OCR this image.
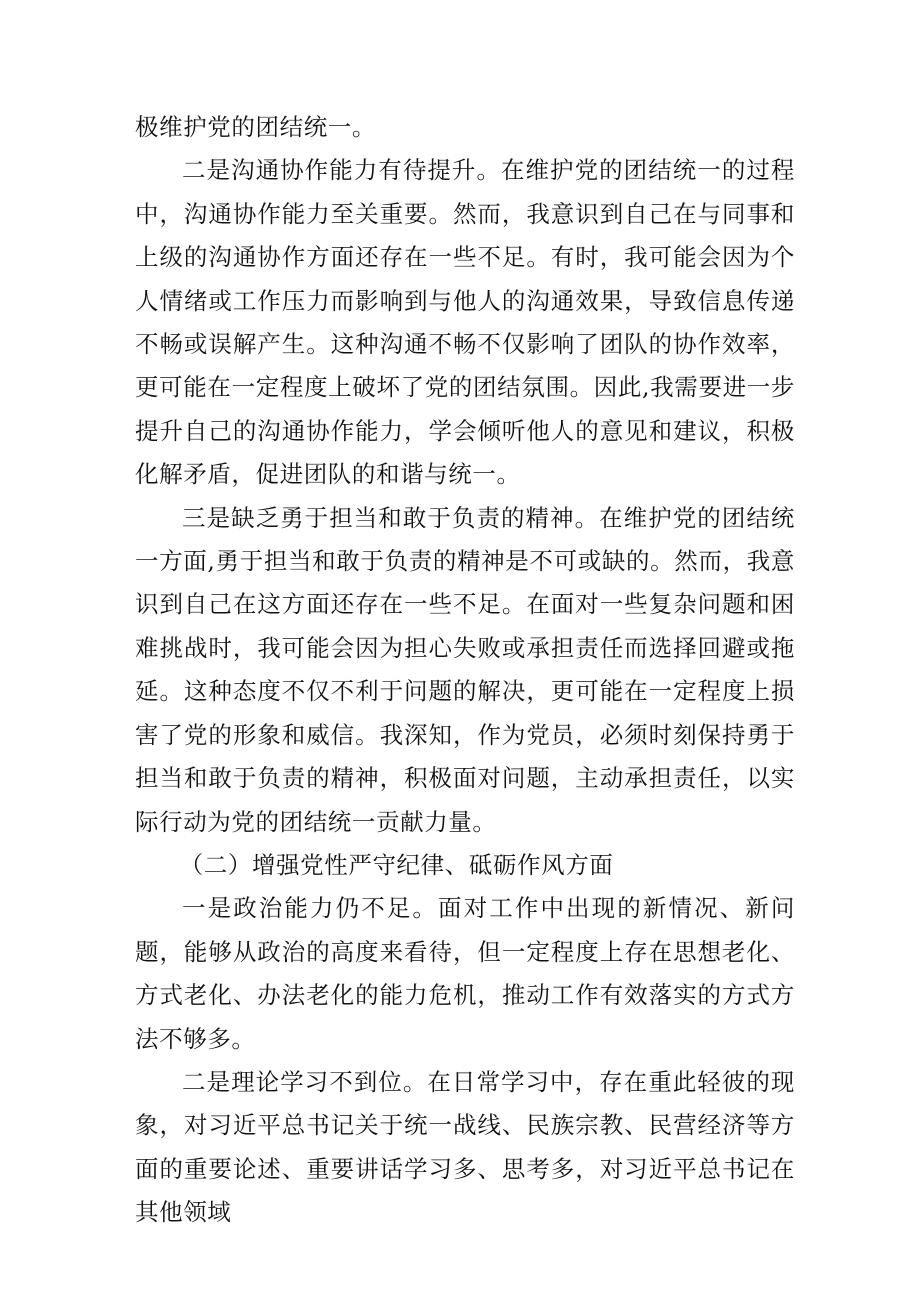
极维护党的团结统一。

二是沟通协作能力有待提升。在维护党的团结统一的过程中，沟通协作能力至关重要。然而，我意识到自己在与同事和上级的沟通协作方面还存在一些不足。有时，我可能会因为个人情绪或工作压力而影响到与他人的沟通效果，导致信息传递不畅或误解产生。这种沟通不畅不仅影响了团队的协作效率，更可能在一定程度上破坏了党的团结氛围。因此,我需要进一步提升自己的沟通协作能力，学会倾听他人的意见和建议，积极化解矛盾，促进团队的和谐与统一。

三是缺乏勇于担当和敢于负责的精神。在维护党的团结统一方面,勇于担当和敢于负责的精神是不可或缺的。然而，我意识到自己在这方面还存在一些不足。在面对一些复杂问题和困难挑战时，我可能会因为担心失败或承担责任而选择回避或拖延。这种态度不仅不利于问题的解决，更可能在一定程度上损害了党的形象和威信。我深知，作为党员，必须时刻保持勇于担当和敢于负责的精神，积极面对问题，主动承担责任，以实际行动为党的团结统一贡献力量。

（二）增强党性严守纪律、砥砺作风方面

一是政治能力仍不足。面对工作中出现的新情况、新问题，能够从政治的高度来看待，但一定程度上存在思想老化、方式老化、办法老化的能力危机，推动工作有效落实的方式方法不够多。

二是理论学习不到位。在日常学习中，存在重此轻彼的现象，对习近平总书记关于统一战线、民族宗教、民营经济等方面的重要论述、重要讲话学习多、思考多，对习近平总书记在其他领域
